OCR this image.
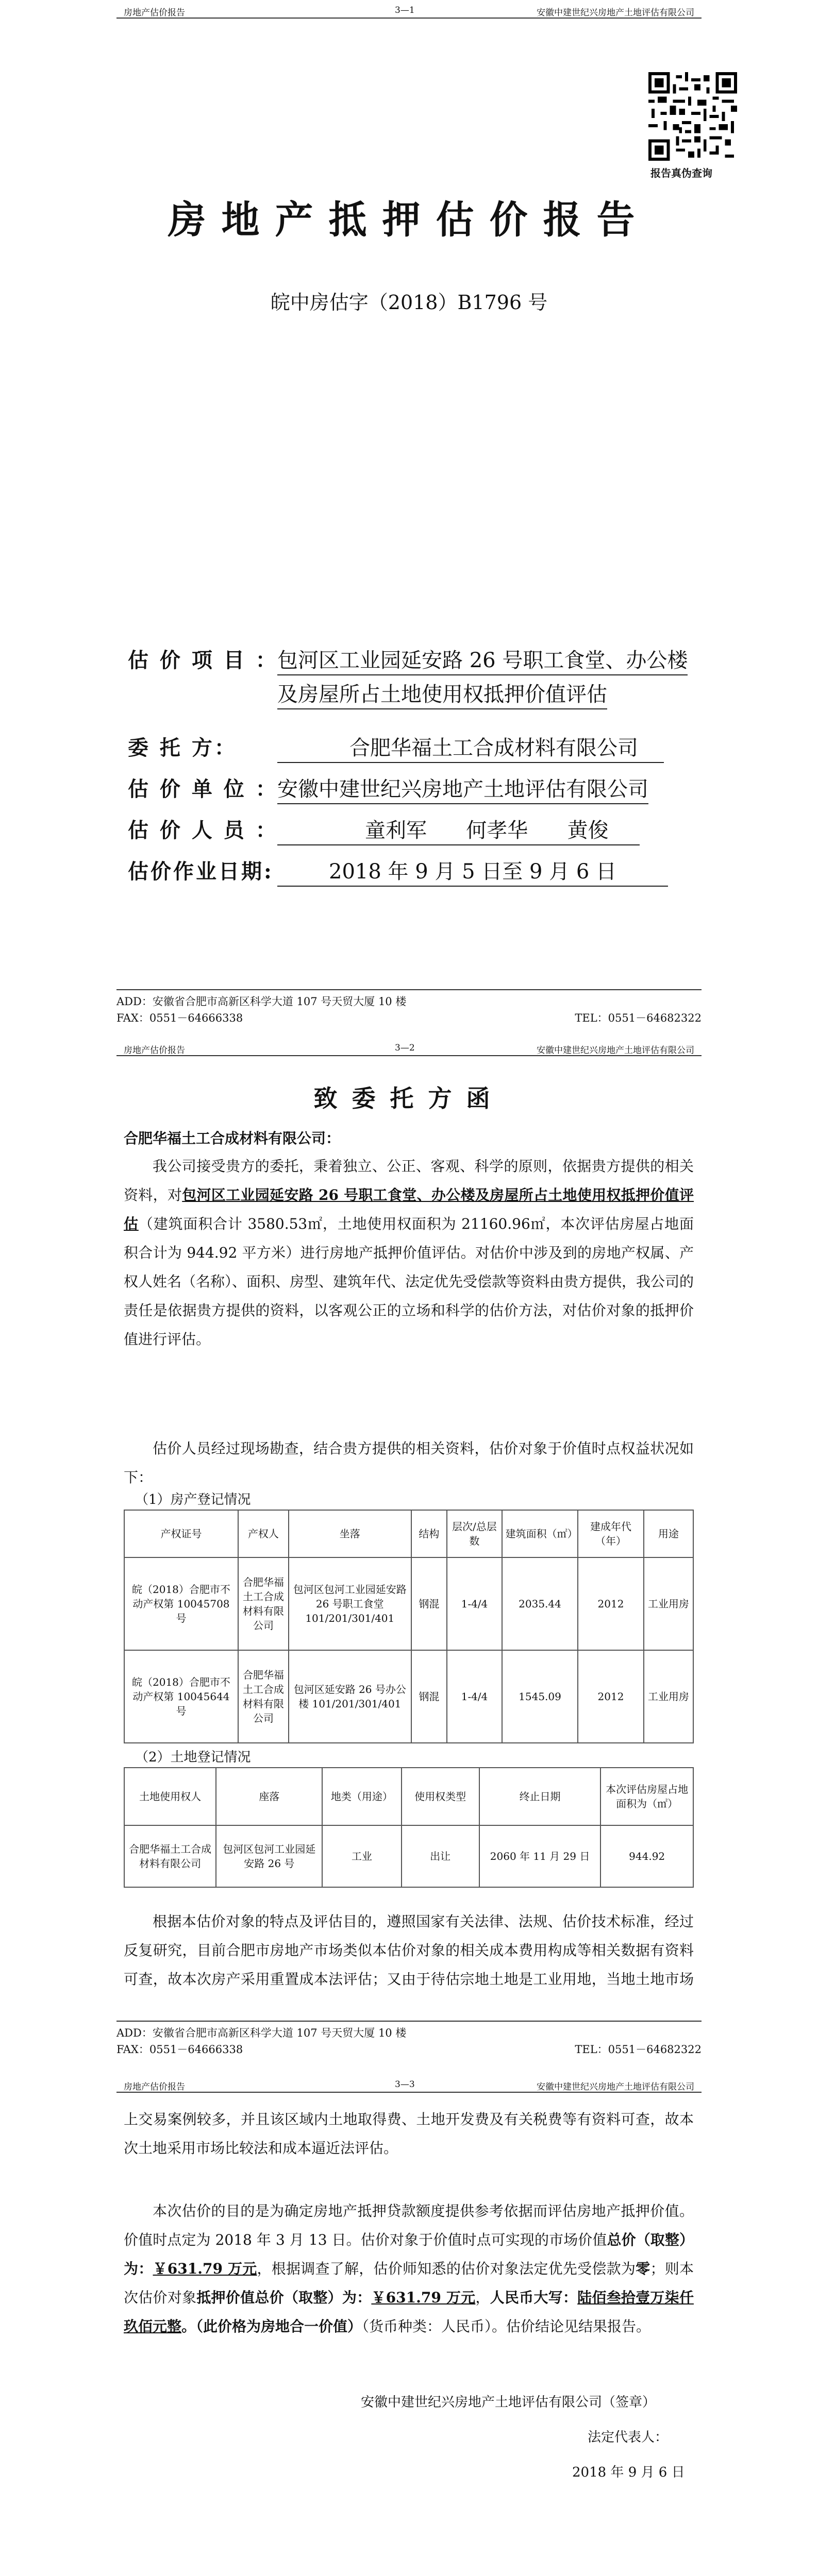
房地产估价报告	3—1	安徽中建世纪兴房地产土地评估有限公司
报告真伪查询
房地产抵押估价报告
皖中房估字（2018）B1796 号
估 价 项 目 ：
包河区工业园延安路 26 号职工食堂、办公楼
及房屋所占土地使用权抵押价值评估
委 托 方：	合肥华福土工合成材料有限公司
估 价 单 位 ：
安徽中建世纪兴房地产土地评估有限公司
估 价 人 员 ：	童利军      何孝华      黄俊
估价作业日期:	2018 年 9 月 5 日至 9 月 6 日
ADD：安徽省合肥市高新区科学大道 107 号天贸大厦 10 楼
FAX：0551－64666338	TEL：0551－64682322
房地产估价报告	3—2	安徽中建世纪兴房地产土地评估有限公司
致委托方函
合肥华福土工合成材料有限公司：
我公司接受贵方的委托，秉着独立、公正、客观、科学的原则，依据贵方提供的相关资料，对包河区工业园延安路 26 号职工食堂、办公楼及房屋所占土地使用权抵押价值评估（建筑面积合计 3580.53㎡，土地使用权面积为 21160.96㎡，本次评估房屋占地面积合计为 944.92 平方米）进行房地产抵押价值评估。对估价中涉及到的房地产权属、产权人姓名（名称）、面积、房型、建筑年代、法定优先受偿款等资料由贵方提供，我公司的责任是依据贵方提供的资料，以客观公正的立场和科学的估价方法，对估价对象的抵押价值进行评估。
估价人员经过现场勘查，结合贵方提供的相关资料，估价对象于价值时点权益状况如下：
（1）房产登记情况
产权证号	产权人	坐落	结构	层次/总层数	建筑面积（㎡）	建成年代（年）	用途
皖（2018）合肥市不动产权第 10045708 号	合肥华福土工合成材料有限公司	包河区包河工业园延安路 26 号职工食堂 101/201/301/401	钢混	1-4/4	2035.44	2012	工业用房
皖（2018）合肥市不动产权第 10045644 号	合肥华福土工合成材料有限公司	包河区延安路 26 号办公楼 101/201/301/401	钢混	1-4/4	1545.09	2012	工业用房
（2）土地登记情况
土地使用权人	座落	地类（用途）	使用权类型	终止日期	本次评估房屋占地面积为（㎡）
合肥华福土工合成材料有限公司	包河区包河工业园延安路 26 号	工业	出让	2060 年 11 月 29 日	944.92
根据本估价对象的特点及评估目的，遵照国家有关法律、法规、估价技术标准，经过反复研究，目前合肥市房地产市场类似本估价对象的相关成本费用构成等相关数据有资料可查，故本次房产采用重置成本法评估；又由于待估宗地土地是工业用地，当地土地市场
ADD：安徽省合肥市高新区科学大道 107 号天贸大厦 10 楼
FAX：0551－64666338	TEL：0551－64682322
房地产估价报告	3—3	安徽中建世纪兴房地产土地评估有限公司
上交易案例较多，并且该区域内土地取得费、土地开发费及有关税费等有资料可查，故本次土地采用市场比较法和成本逼近法评估。
本次估价的目的是为确定房地产抵押贷款额度提供参考依据而评估房地产抵押价值。价值时点定为 2018 年 3 月 13 日。估价对象于价值时点可实现的市场价值总价（取整）为：￥631.79 万元，根据调查了解，估价师知悉的估价对象法定优先受偿款为零；则本次估价对象抵押价值总价（取整）为：￥631.79 万元，人民币大写：陆佰叁拾壹万柒仟玖佰元整。（此价格为房地合一价值）（货币种类：人民币）。估价结论见结果报告。
安徽中建世纪兴房地产土地评估有限公司（签章）
法定代表人：
2018 年 9 月 6 日
